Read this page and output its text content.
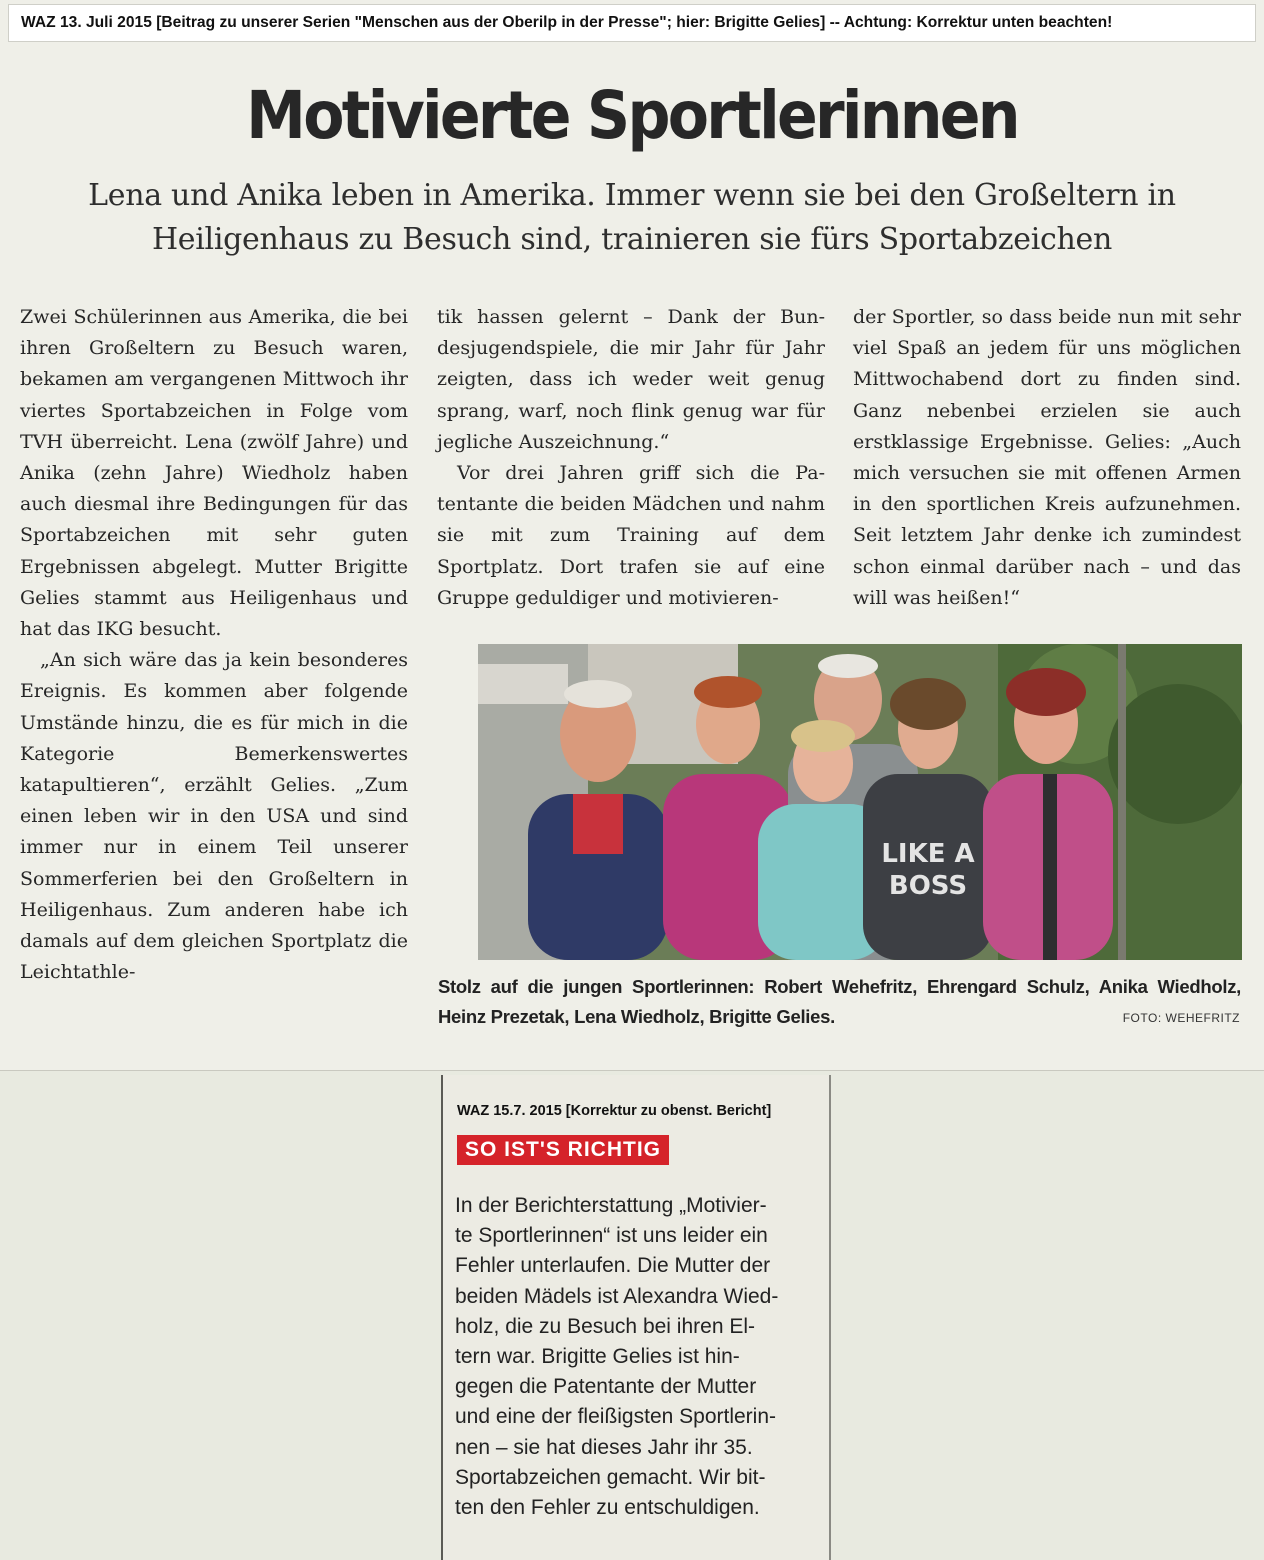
WAZ 13. Juli 2015 [Beitrag zu unserer Serien "Menschen aus der Oberilp in der Presse"; hier: Brigitte Gelies] -- Achtung: Korrektur unten beachten!
Motivierte Sportlerinnen
Lena und Anika leben in Amerika. Immer wenn sie bei den Großeltern in
Heiligenhaus zu Besuch sind, trainieren sie fürs Sportabzeichen

Zwei Schülerinnen aus Amerika, die bei ihren Großeltern zu Besuch waren, bekamen am vergangenen Mittwoch ihr viertes Sportabzeichen in Folge vom TVH überreicht. Lena (zwölf Jahre) und Anika (zehn Jahre) Wiedholz haben auch diesmal ihre Bedingungen für das Sportabzeichen mit sehr guten Ergebnissen abgelegt. Mutter Brigitte Gelies stammt aus Heiligenhaus und hat das IKG besucht.

„An sich wäre das ja kein besonderes Ereignis. Es kommen aber folgende Umstände hinzu, die es für mich in die Kategorie Bemerkenswertes katapultieren“, erzählt Gelies. „Zum einen leben wir in den USA und sind immer nur in einem Teil unserer Sommerferien bei den Großeltern in Heiligenhaus. Zum anderen habe ich damals auf dem gleichen Sportplatz die Leichtathle-

tik hassen gelernt – Dank der Bundesjugendspiele, die mir Jahr für Jahr zeigten, dass ich weder weit genug sprang, warf, noch flink genug war für jegliche Auszeichnung.“

Vor drei Jahren griff sich die Patentante die beiden Mädchen und nahm sie mit zum Training auf dem Sportplatz. Dort trafen sie auf eine Gruppe geduldiger und motivieren-

der Sportler, so dass beide nun mit sehr viel Spaß an jedem für uns möglichen Mittwochabend dort zu finden sind. Ganz nebenbei erzielen sie auch erstklassige Ergebnisse. Gelies: „Auch mich versuchen sie mit offenen Armen in den sportlichen Kreis aufzunehmen. Seit letztem Jahr denke ich zumindest schon einmal darüber nach – und das will was heißen!“

LIKE A
BOSS
Stolz auf die jungen Sportlerinnen: Robert Wehefritz, Ehrengard Schulz, Anika Wiedholz, Heinz Prezetak, Lena Wiedholz, Brigitte Gelies.	FOTO: WEHEFRITZ
WAZ 15.7. 2015 [Korrektur zu obenst. Bericht]
SO IST'S RICHTIG
In der Berichterstattung „Motivier-
te Sportlerinnen“ ist uns leider ein
Fehler unterlaufen. Die Mutter der
beiden Mädels ist Alexandra Wied-
holz, die zu Besuch bei ihren El-
tern war. Brigitte Gelies ist hin-
gegen die Patentante der Mutter
und eine der fleißigsten Sportlerin-
nen – sie hat dieses Jahr ihr 35.
Sportabzeichen gemacht. Wir bit-
ten den Fehler zu entschuldigen.
